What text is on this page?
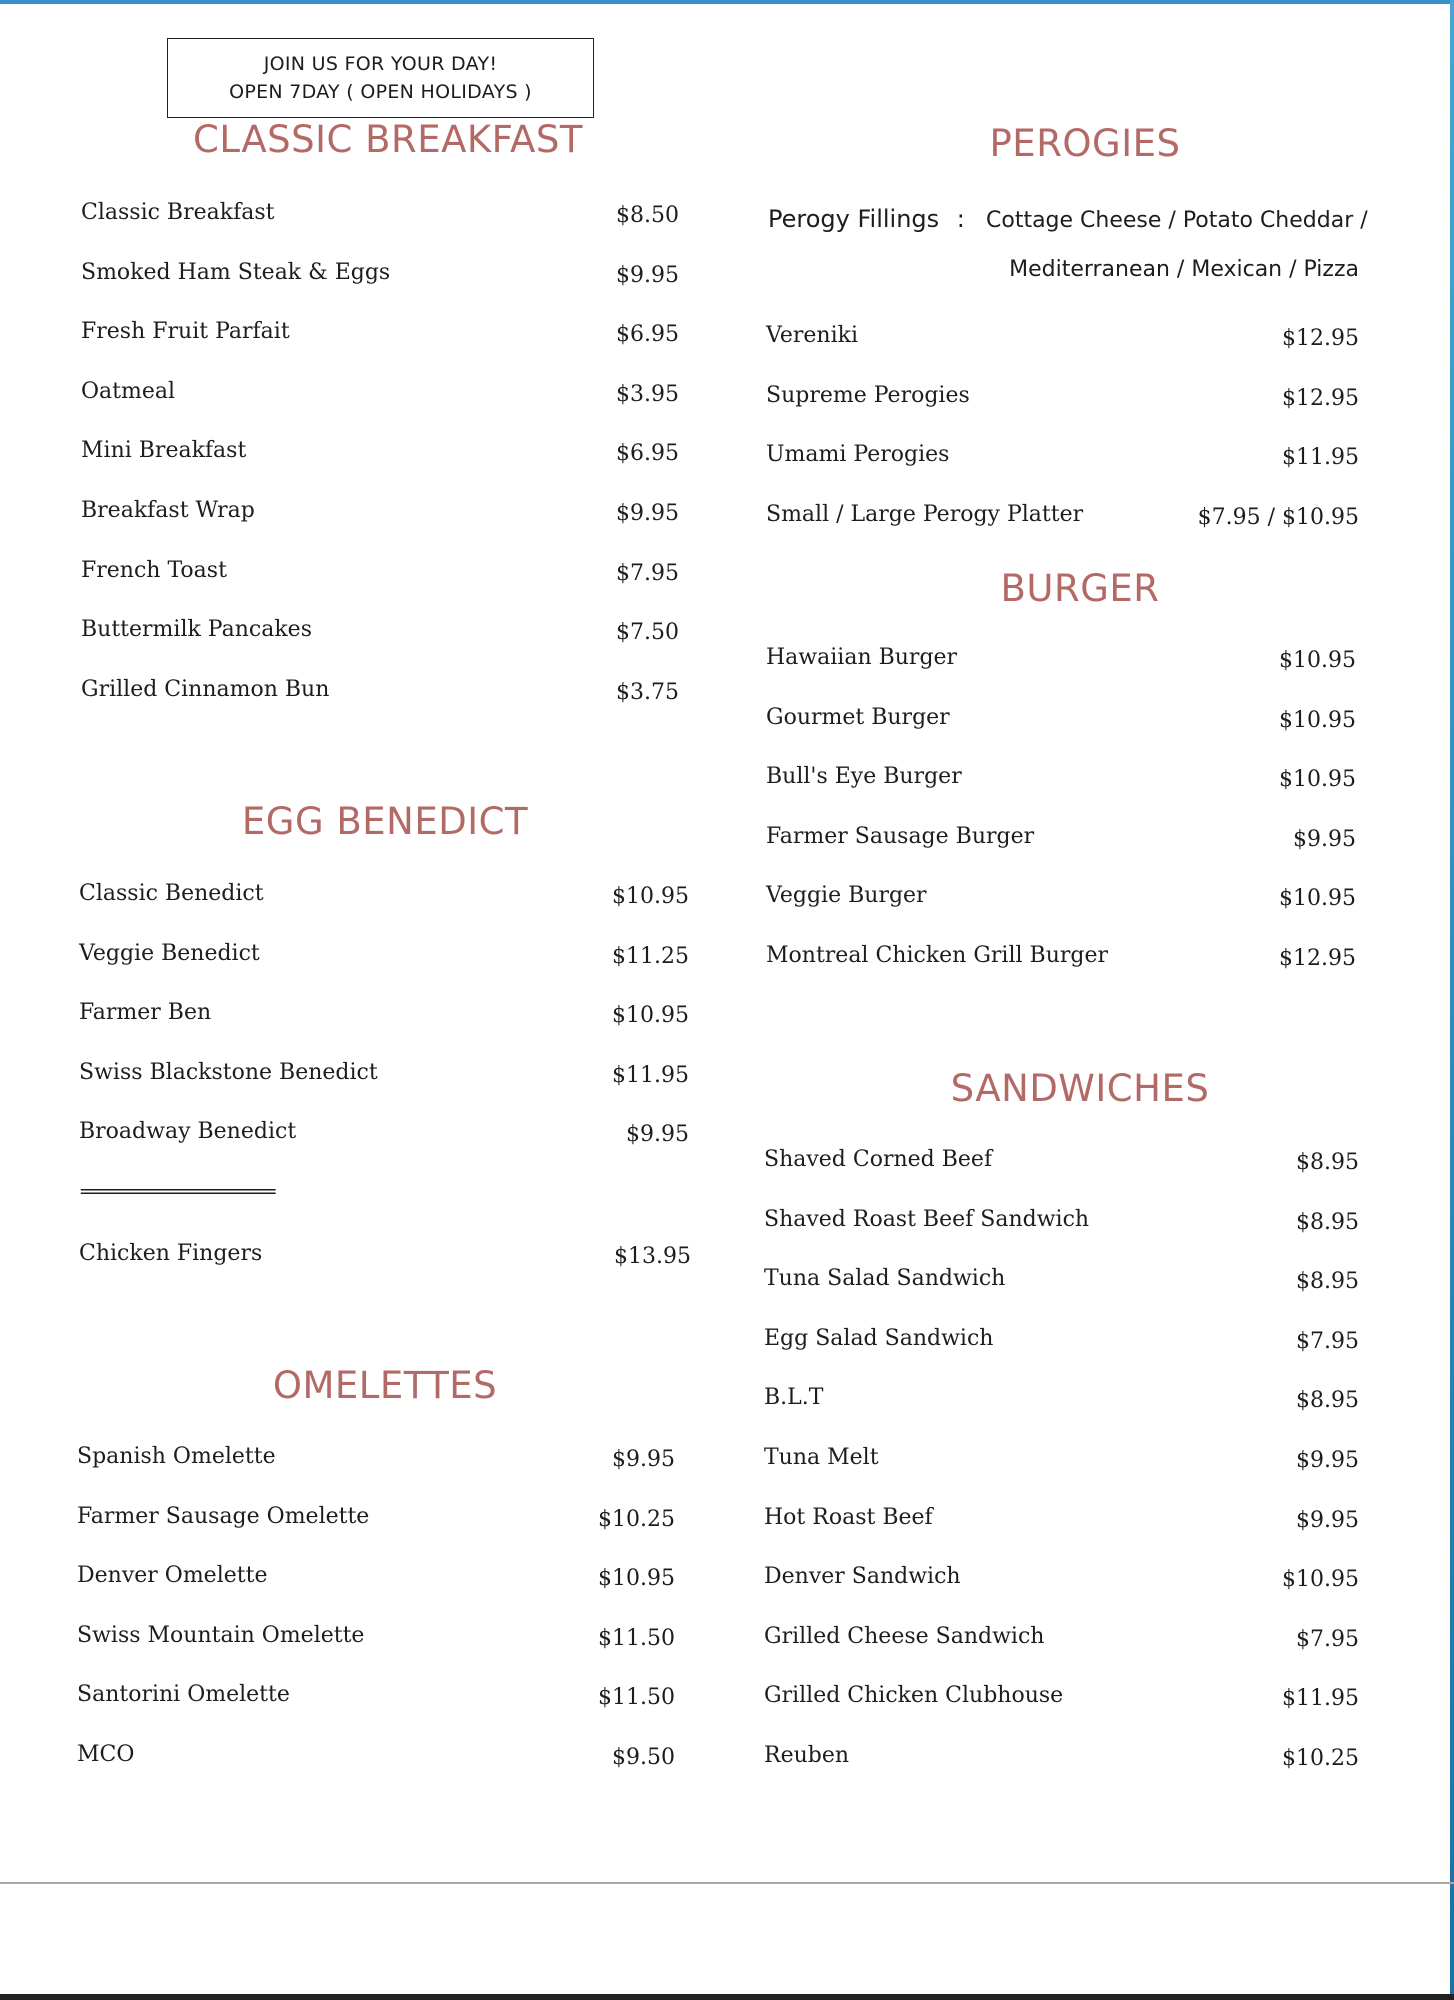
JOIN US FOR YOUR DAY!
OPEN 7DAY ( OPEN HOLIDAYS )
CLASSIC BREAKFAST
Classic Breakfast	$8.50
Smoked Ham Steak & Eggs	$9.95
Fresh Fruit Parfait	$6.95
Oatmeal	$3.95
Mini Breakfast	$6.95
Breakfast Wrap	$9.95
French Toast	$7.95
Buttermilk Pancakes	$7.50
Grilled Cinnamon Bun	$3.75
EGG BENEDICT
Classic Benedict	$10.95
Veggie Benedict	$11.25
Farmer Ben	$10.95
Swiss Blackstone Benedict	$11.95
Broadway Benedict	$9.95
======================
Chicken Fingers	$13.95
OMELETTES
Spanish Omelette	$9.95
Farmer Sausage Omelette	$10.25
Denver Omelette	$10.95
Swiss Mountain Omelette	$11.50
Santorini Omelette	$11.50
MCO	$9.50
PEROGIES
Perogy Fillings : Cottage Cheese / Potato Cheddar /
Mediterranean / Mexican / Pizza
Vereniki	$12.95
Supreme Perogies	$12.95
Umami Perogies	$11.95
Small / Large Perogy Platter	$7.95 / $10.95
BURGER
Hawaiian Burger	$10.95
Gourmet Burger	$10.95
Bull's Eye Burger	$10.95
Farmer Sausage Burger	$9.95
Veggie Burger	$10.95
Montreal Chicken Grill Burger	$12.95
SANDWICHES
Shaved Corned Beef	$8.95
Shaved Roast Beef Sandwich	$8.95
Tuna Salad Sandwich	$8.95
Egg Salad Sandwich	$7.95
B.L.T	$8.95
Tuna Melt	$9.95
Hot Roast Beef	$9.95
Denver Sandwich	$10.95
Grilled Cheese Sandwich	$7.95
Grilled Chicken Clubhouse	$11.95
Reuben	$10.25
